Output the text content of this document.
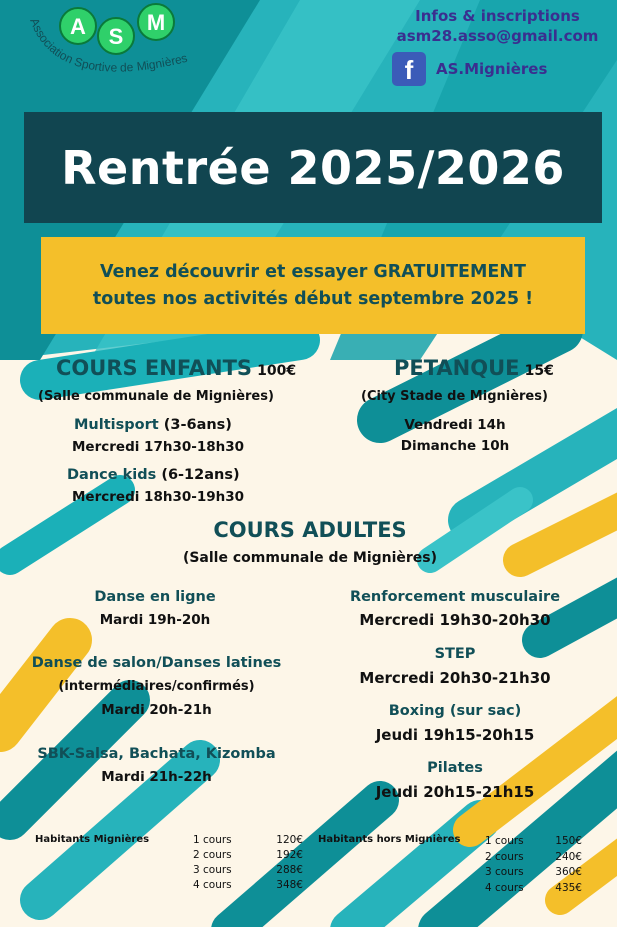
A S
M
Association Sportive de Mignières
Infos & inscriptions
asm28.asso@gmail.com
f	AS.Mignières
Rentrée 2025/2026
Venez découvrir et essayer GRATUITEMENT
toutes nos activités début septembre 2025 !
COURS ENFANTS 100€
(Salle communale de Mignières)
Multisport (3-6ans)
Mercredi 17h30-18h30
Dance kids (6-12ans)
Mercredi 18h30-19h30
PETANQUE 15€
(City Stade de Mignières)
Vendredi 14h
Dimanche 10h
COURS ADULTES
(Salle communale de Mignières)
Danse en ligne
Mardi 19h-20h
Danse de salon/Danses latines
(intermédiaires/confirmés)
Mardi 20h-21h
SBK-Salsa, Bachata, Kizomba
Mardi 21h-22h
Renforcement musculaire
Mercredi 19h30-20h30
STEP
Mercredi 20h30-21h30
Boxing (sur sac)
Jeudi 19h15-20h15
Pilates
Jeudi 20h15-21h15
Habitants Mignières	1 cours	120€
2 cours	192€
3 cours	288€
4 cours	348€
Habitants hors Mignières 1 cours	150€
2 cours	240€
3 cours	360€
4 cours	435€
